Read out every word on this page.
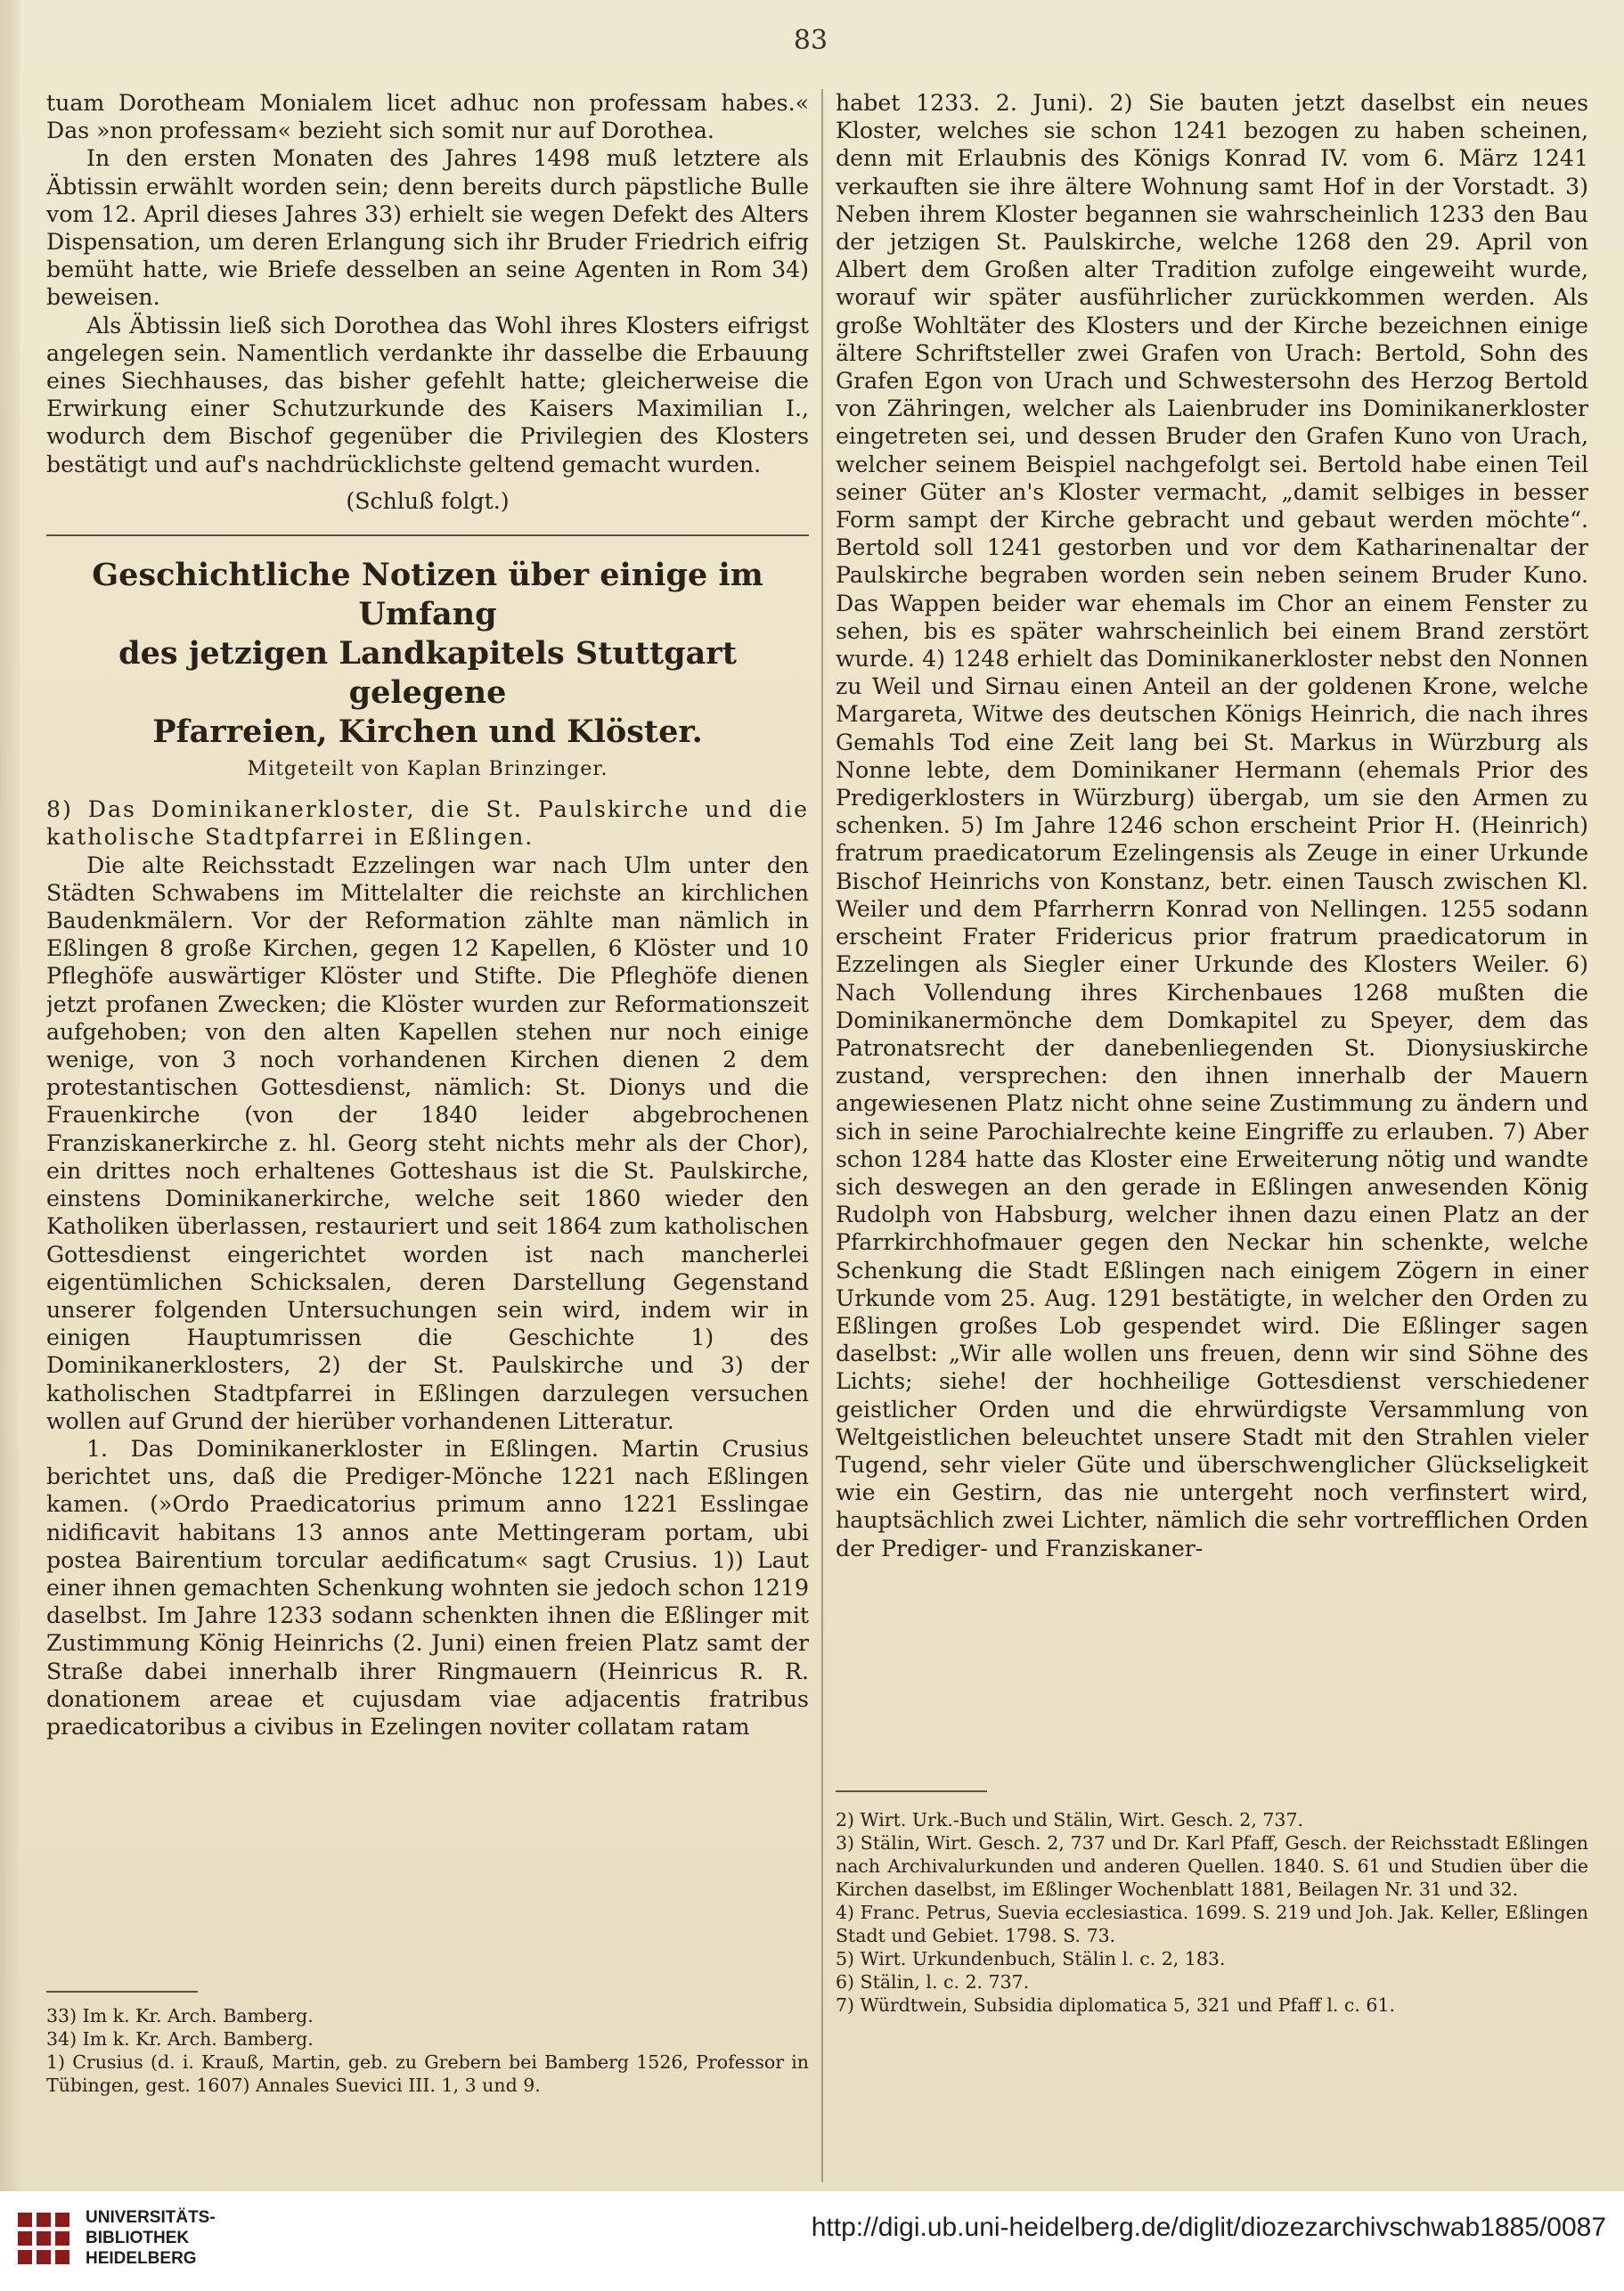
83

tuam Dorotheam Monialem licet adhuc non professam habes.« Das »non professam« bezieht sich somit nur auf Dorothea.

In den ersten Monaten des Jahres 1498 muß letztere als Äbtissin erwählt worden sein; denn bereits durch päpstliche Bulle vom 12. April dieses Jahres 33) erhielt sie wegen Defekt des Alters Dispensation, um deren Erlangung sich ihr Bruder Friedrich eifrig bemüht hatte, wie Briefe desselben an seine Agenten in Rom 34) beweisen.

Als Äbtissin ließ sich Dorothea das Wohl ihres Klosters eifrigst angelegen sein. Namentlich verdankte ihr dasselbe die Erbauung eines Siechhauses, das bisher gefehlt hatte; gleicherweise die Erwirkung einer Schutzurkunde des Kaisers Maximilian I., wodurch dem Bischof gegenüber die Privilegien des Klosters bestätigt und auf's nachdrücklichste geltend gemacht wurden.

(Schluß folgt.)

Geschichtliche Notizen über einige im Umfang
des jetzigen Landkapitels Stuttgart gelegene
Pfarreien, Kirchen und Klöster.
Mitgeteilt von Kaplan Brinzinger.

8) Das Dominikanerkloster, die St. Paulskirche und die katholische Stadtpfarrei in Eßlingen.

Die alte Reichsstadt Ezzelingen war nach Ulm unter den Städten Schwabens im Mittelalter die reichste an kirchlichen Baudenkmälern. Vor der Reformation zählte man nämlich in Eßlingen 8 große Kirchen, gegen 12 Kapellen, 6 Klöster und 10 Pfleghöfe auswärtiger Klöster und Stifte. Die Pfleghöfe dienen jetzt profanen Zwecken; die Klöster wurden zur Reformationszeit aufgehoben; von den alten Kapellen stehen nur noch einige wenige, von 3 noch vorhandenen Kirchen dienen 2 dem protestantischen Gottesdienst, nämlich: St. Dionys und die Frauenkirche (von der 1840 leider abgebrochenen Franziskanerkirche z. hl. Georg steht nichts mehr als der Chor), ein drittes noch erhaltenes Gotteshaus ist die St. Paulskirche, einstens Dominikanerkirche, welche seit 1860 wieder den Katholiken überlassen, restauriert und seit 1864 zum katholischen Gottesdienst eingerichtet worden ist nach mancherlei eigentümlichen Schicksalen, deren Darstellung Gegenstand unserer folgenden Untersuchungen sein wird, indem wir in einigen Hauptumrissen die Geschichte 1) des Dominikanerklosters, 2) der St. Paulskirche und 3) der katholischen Stadtpfarrei in Eßlingen darzulegen versuchen wollen auf Grund der hierüber vorhandenen Litteratur.

1. Das Dominikanerkloster in Eßlingen. Martin Crusius berichtet uns, daß die Prediger-Mönche 1221 nach Eßlingen kamen. (»Ordo Praedicatorius primum anno 1221 Esslingae nidificavit habitans 13 annos ante Mettingeram portam, ubi postea Bairentium torcular aedificatum« sagt Crusius. 1)) Laut einer ihnen gemachten Schenkung wohnten sie jedoch schon 1219 daselbst. Im Jahre 1233 sodann schenkten ihnen die Eßlinger mit Zustimmung König Heinrichs (2. Juni) einen freien Platz samt der Straße dabei innerhalb ihrer Ringmauern (Heinricus R. R. donationem areae et cujusdam viae adjacentis fratribus praedicatoribus a civibus in Ezelingen noviter collatam ratam

33) Im k. Kr. Arch. Bamberg.
34) Im k. Kr. Arch. Bamberg.
1) Crusius (d. i. Krauß, Martin, geb. zu Grebern bei Bamberg 1526, Professor in Tübingen, gest. 1607) Annales Suevici III. 1, 3 und 9.

habet 1233. 2. Juni). 2) Sie bauten jetzt daselbst ein neues Kloster, welches sie schon 1241 bezogen zu haben scheinen, denn mit Erlaubnis des Königs Konrad IV. vom 6. März 1241 verkauften sie ihre ältere Wohnung samt Hof in der Vorstadt. 3) Neben ihrem Kloster begannen sie wahrscheinlich 1233 den Bau der jetzigen St. Paulskirche, welche 1268 den 29. April von Albert dem Großen alter Tradition zufolge eingeweiht wurde, worauf wir später ausführlicher zurückkommen werden. Als große Wohltäter des Klosters und der Kirche bezeichnen einige ältere Schriftsteller zwei Grafen von Urach: Bertold, Sohn des Grafen Egon von Urach und Schwestersohn des Herzog Bertold von Zähringen, welcher als Laienbruder ins Dominikanerkloster eingetreten sei, und dessen Bruder den Grafen Kuno von Urach, welcher seinem Beispiel nachgefolgt sei. Bertold habe einen Teil seiner Güter an's Kloster vermacht, „damit selbiges in besser Form sampt der Kirche gebracht und gebaut werden möchte“. Bertold soll 1241 gestorben und vor dem Katharinenaltar der Paulskirche begraben worden sein neben seinem Bruder Kuno. Das Wappen beider war ehemals im Chor an einem Fenster zu sehen, bis es später wahrscheinlich bei einem Brand zerstört wurde. 4) 1248 erhielt das Dominikanerkloster nebst den Nonnen zu Weil und Sirnau einen Anteil an der goldenen Krone, welche Margareta, Witwe des deutschen Königs Heinrich, die nach ihres Gemahls Tod eine Zeit lang bei St. Markus in Würzburg als Nonne lebte, dem Dominikaner Hermann (ehemals Prior des Predigerklosters in Würzburg) übergab, um sie den Armen zu schenken. 5) Im Jahre 1246 schon erscheint Prior H. (Heinrich) fratrum praedicatorum Ezelingensis als Zeuge in einer Urkunde Bischof Heinrichs von Konstanz, betr. einen Tausch zwischen Kl. Weiler und dem Pfarrherrn Konrad von Nellingen. 1255 sodann erscheint Frater Fridericus prior fratrum praedicatorum in Ezzelingen als Siegler einer Urkunde des Klosters Weiler. 6) Nach Vollendung ihres Kirchenbaues 1268 mußten die Dominikanermönche dem Domkapitel zu Speyer, dem das Patronatsrecht der danebenliegenden St. Dionysiuskirche zustand, versprechen: den ihnen innerhalb der Mauern angewiesenen Platz nicht ohne seine Zustimmung zu ändern und sich in seine Parochialrechte keine Eingriffe zu erlauben. 7) Aber schon 1284 hatte das Kloster eine Erweiterung nötig und wandte sich deswegen an den gerade in Eßlingen anwesenden König Rudolph von Habsburg, welcher ihnen dazu einen Platz an der Pfarrkirchhofmauer gegen den Neckar hin schenkte, welche Schenkung die Stadt Eßlingen nach einigem Zögern in einer Urkunde vom 25. Aug. 1291 bestätigte, in welcher den Orden zu Eßlingen großes Lob gespendet wird. Die Eßlinger sagen daselbst: „Wir alle wollen uns freuen, denn wir sind Söhne des Lichts; siehe! der hochheilige Gottesdienst verschiedener geistlicher Orden und die ehrwürdigste Versammlung von Weltgeistlichen beleuchtet unsere Stadt mit den Strahlen vieler Tugend, sehr vieler Güte und überschwenglicher Glückseligkeit wie ein Gestirn, das nie untergeht noch verfinstert wird, hauptsächlich zwei Lichter, nämlich die sehr vortrefflichen Orden der Prediger- und Franziskaner-

2) Wirt. Urk.-Buch und Stälin, Wirt. Gesch. 2, 737.
3) Stälin, Wirt. Gesch. 2, 737 und Dr. Karl Pfaff, Gesch. der Reichsstadt Eßlingen nach Archivalurkunden und anderen Quellen. 1840. S. 61 und Studien über die Kirchen daselbst, im Eßlinger Wochenblatt 1881, Beilagen Nr. 31 und 32.
4) Franc. Petrus, Suevia ecclesiastica. 1699. S. 219 und Joh. Jak. Keller, Eßlingen Stadt und Gebiet. 1798. S. 73.
5) Wirt. Urkundenbuch, Stälin l. c. 2, 183.
6) Stälin, l. c. 2. 737.
7) Würdtwein, Subsidia diplomatica 5, 321 und Pfaff l. c. 61.
UNIVERSITÄTS-
BIBLIOTHEK
HEIDELBERG
http://digi.ub.uni-heidelberg.de/diglit/diozezarchivschwab1885/0087
